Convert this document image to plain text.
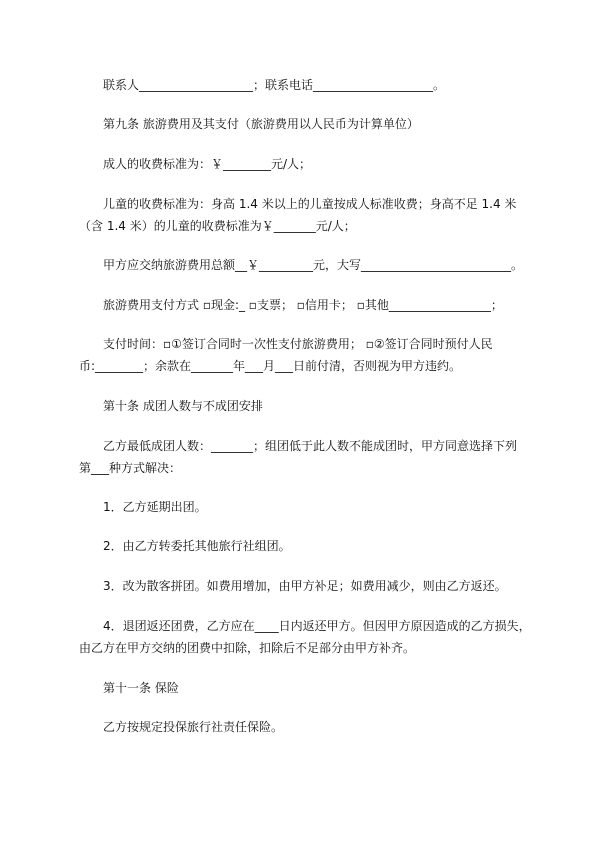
联系人___________________；联系电话____________________。
第九条 旅游费用及其支付（旅游费用以人民币为计算单位）
成人的收费标准为：￥________元/人；
儿童的收费标准为：身高 1.4 米以上的儿童按成人标准收费；身高不足 1.4 米
（含 1.4 米）的儿童的收费标准为￥_______元/人；
甲方应交纳旅游费用总额__￥_________元，大写_________________________。
旅游费用支付方式 ▫现金:_ ▫支票； ▫信用卡； ▫其他_________________；
支付时间：▫①签订合同时一次性支付旅游费用； ▫②签订合同时预付人民
币:________；余款在_______年___月___日前付清，否则视为甲方违约。
第十条 成团人数与不成团安排
乙方最低成团人数：_______；组团低于此人数不能成团时，甲方同意选择下列
第___种方式解决：
1．乙方延期出团。
2．由乙方转委托其他旅行社组团。
3．改为散客拼团。如费用增加，由甲方补足；如费用减少，则由乙方返还。
4．退团返还团费，乙方应在____日内返还甲方。但因甲方原因造成的乙方损失，
由乙方在甲方交纳的团费中扣除，扣除后不足部分由甲方补齐。
第十一条 保险
乙方按规定投保旅行社责任保险。
